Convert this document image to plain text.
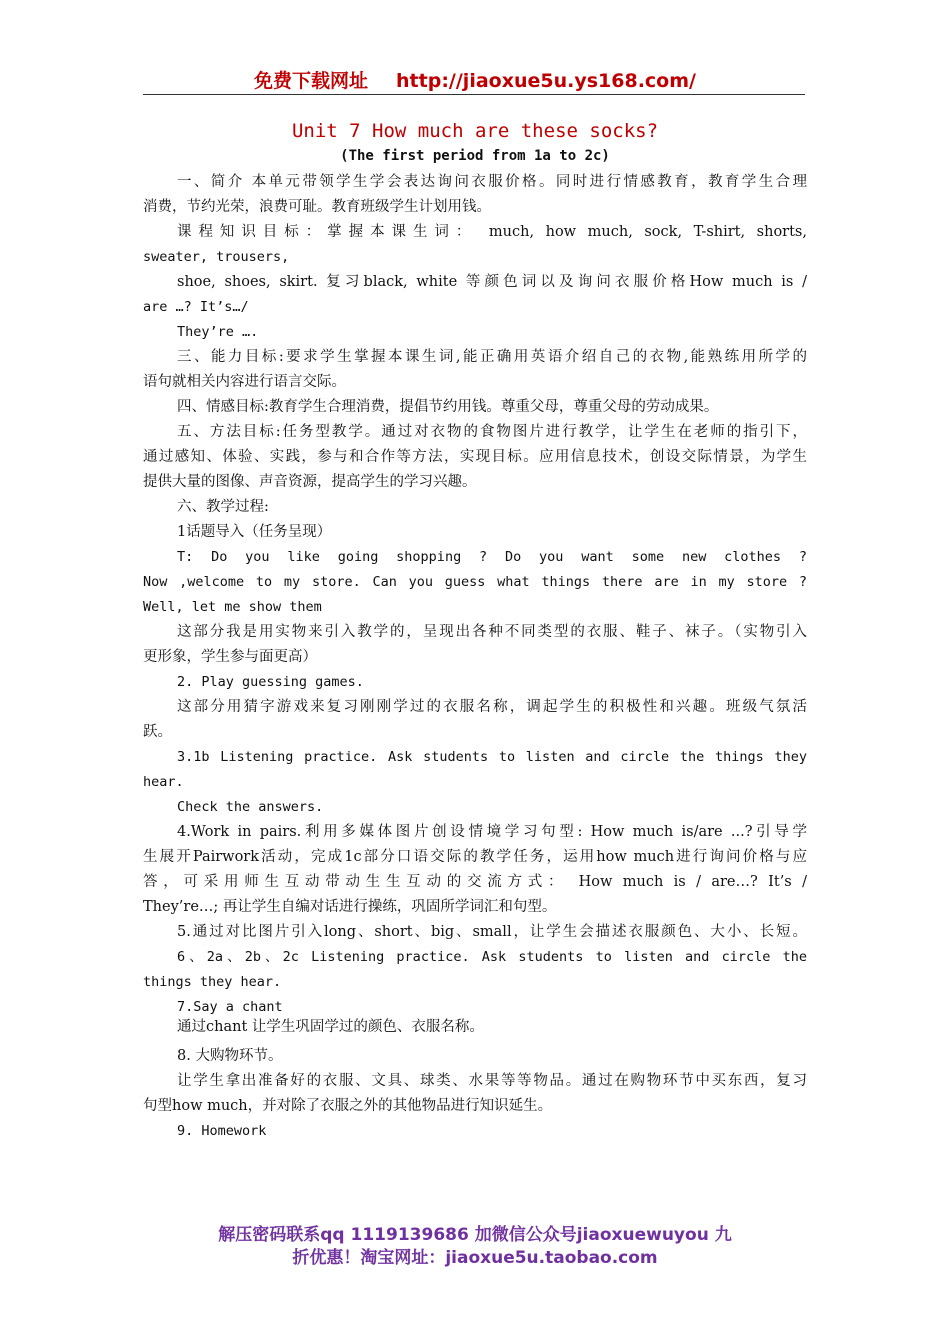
免费下载网址 http://jiaoxue5u.ys168.com/
Unit 7 How much are these socks?
(The first period from 1a to 2c)
一、简介 本单元带领学生学会表达询问衣服价格。同时进行情感教育，教育学生合理
消费，节约光荣，浪费可耻。教育班级学生计划用钱。
课程知识目标：掌握本课生词： much, how much, sock, T-shirt, shorts,
sweater, trousers,
shoe, shoes, skirt. 复习black, white 等颜色词以及询问衣服价格How much is /
are …? It’s…/
They’re ….
三、能力目标:要求学生掌握本课生词,能正确用英语介绍自己的衣物,能熟练用所学的
语句就相关内容进行语言交际。
四、情感目标:教育学生合理消费，提倡节约用钱。尊重父母，尊重父母的劳动成果。
五、方法目标:任务型教学。通过对衣物的食物图片进行教学，让学生在老师的指引下，
通过感知、体验、实践，参与和合作等方法，实现目标。应用信息技术，创设交际情景，为学生
提供大量的图像、声音资源，提高学生的学习兴趣。
六、教学过程:
1话题导入（任务呈现）
T: Do you like going shopping ? Do you want some new clothes ?
Now ,welcome to my store. Can you guess what things there are in my store ?
Well, let me show them
这部分我是用实物来引入教学的，呈现出各种不同类型的衣服、鞋子、袜子。（实物引入
更形象，学生参与面更高）
2. Play guessing games.
这部分用猜字游戏来复习刚刚学过的衣服名称，调起学生的积极性和兴趣。班级气氛活
跃。
3.1b Listening practice. Ask students to listen and circle the things they
hear.
Check the answers.
4.Work in pairs.利用多媒体图片创设情境学习句型: How much is/are ...?引导学
生展开Pairwork活动，完成1c部分口语交际的教学任务，运用how much进行询问价格与应
答，可采用师生互动带动生生互动的交流方式： How much is / are…? It’s /
They’re…; 再让学生自编对话进行操练，巩固所学词汇和句型。
5.通过对比图片引入long、short、big、small，让学生会描述衣服颜色、大小、长短。
6、2a、2b、2c Listening practice. Ask students to listen and circle the
things they hear.
7.Say a chant
通过chant 让学生巩固学过的颜色、衣服名称。
8. 大购物环节。
让学生拿出准备好的衣服、文具、球类、水果等等物品。通过在购物环节中买东西，复习
句型how much，并对除了衣服之外的其他物品进行知识延生。
9. Homework
解压密码联系qq 1119139686 加微信公众号jiaoxuewuyou 九
折优惠！淘宝网址：jiaoxue5u.taobao.com
